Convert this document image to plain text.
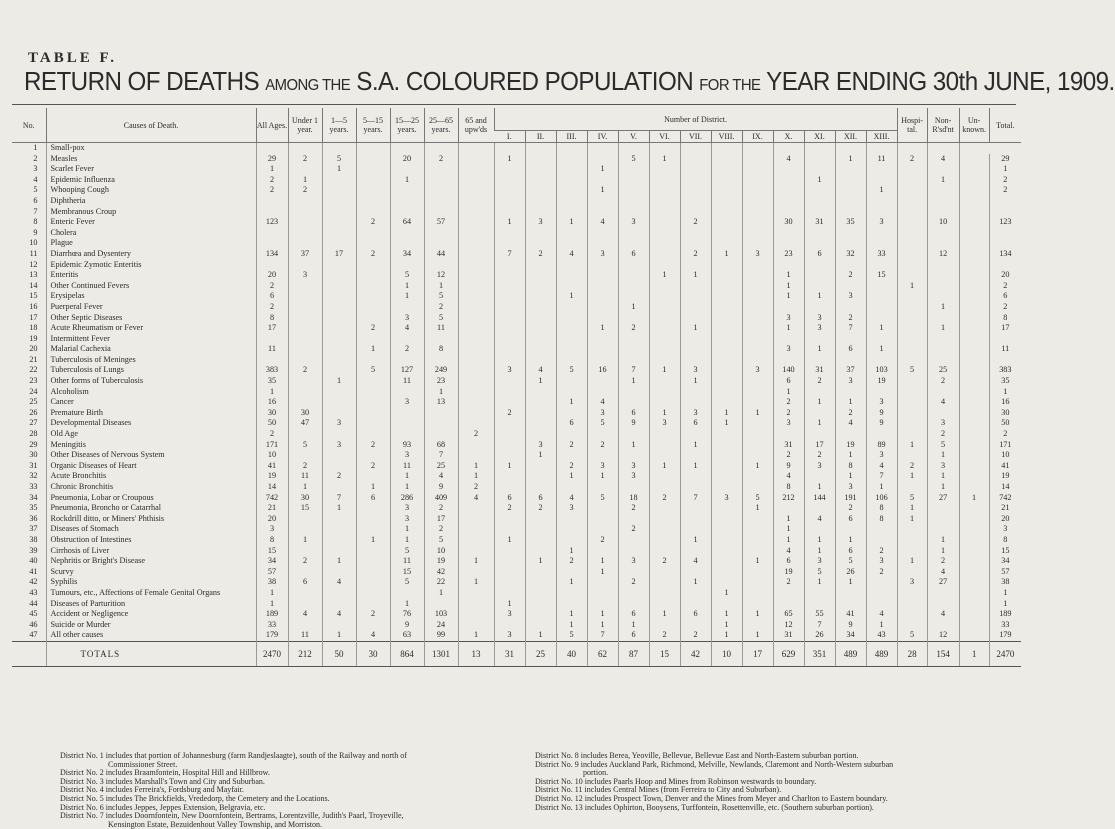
TABLE F.
RETURN OF DEATHS AMONG THE S.A. COLOURED POPULATION FOR THE YEAR ENDING 30th JUNE, 1909.
No.	Causes of Death.	All Ages.	Under 1 year.	1—5 years.	5—15 years.	15—25 years.	25—65 years.	65 and upw'ds	Number of District.													Hospi-tal.	Non-R'sd'nt	Un-known.	Total.
									I.	II.	III.	IV.	V.	VI.	VII.	VIII.	IX.	X.	XI.	XII.	XIII.				
1	Small-pox																								
2	Measles	29	2	5		20	2		1				5	1				4		1	11	2	4		29
3	Scarlet Fever	1		1								1													1
4	Epidemic Influenza	2	1			1													1				1		2
5	Whooping Cough	2	2									1									1				2
6	Diphtheria																								
7	Membranous Croup																								
8	Enteric Fever	123			2	64	57		1	3	1	4	3		2			30	31	35	3		10		123
9	Cholera																								
10	Plague																								
11	Diarrhœa and Dysentery	134	37	17	2	34	44		7	2	4	3	6		2	1	3	23	6	32	33		12		134
12	Epidemic Zymotic Enteritis																								
13	Enteritis	20	3			5	12							1	1			1		2	15				20
14	Other Continued Fevers	2				1	1											1				1			2
15	Erysipelas	6				1	5				1							1	1	3					6
16	Puerperal Fever	2					2						1										1		2
17	Other Septic Diseases	8				3	5											3	3	2					8
18	Acute Rheumatism or Fever	17			2	4	11					1	2		1			1	3	7	1		1		17
19	Intermittent Fever																								
20	Malarial Cachexia	11			1	2	8											3	1	6	1				11
21	Tuberculosis of Meninges																								
22	Tuberculosis of Lungs	383	2		5	127	249		3	4	5	16	7	1	3		3	140	31	37	103	5	25		383
23	Other forms of Tuberculosis	35		1		11	23			1			1		1			6	2	3	19		2		35
24	Alcoholism	1					1											1							1
25	Cancer	16				3	13				1	4						2	1	1	3		4		16
26	Premature Birth	30	30						2			3	6	1	3	1	1	2		2	9				30
27	Developmental Diseases	50	47	3							6	5	9	3	6	1		3	1	4	9		3		50
28	Old Age	2						2															2		2
29	Meningitis	171	5	3	2	93	68			3	2	2	1		1			31	17	19	89	1	5		171
30	Other Diseases of Nervous System	10				3	7			1								2	2	1	3		1		10
31	Organic Diseases of Heart	41	2		2	11	25	1	1		2	3	3	1	1		1	9	3	8	4	2	3		41
32	Acute Bronchitis	19	11	2		1	4	1			1	1	3					4		1	7	1	1		19
33	Chronic Bronchitis	14	1		1	1	9	2										8	1	3	1		1		14
34	Pneumonia, Lobar or Croupous	742	30	7	6	286	409	4	6	6	4	5	18	2	7	3	5	212	144	191	106	5	27	1	742
35	Pneumonia, Broncho or Catarrhal	21	15	1		3	2		2	2	3		2				1			2	8	1			21
36	Rockdrill ditto, or Miners' Phthisis	20				3	17											1	4	6	8	1			20
37	Diseases of Stomach	3				1	2						2					1							3
38	Obstruction of Intestines	8	1		1	1	5		1			2			1			1	1	1			1		8
39	Cirrhosis of Liver	15				5	10				1							4	1	6	2		1		15
40	Nephritis or Bright's Disease	34	2	1		11	19	1		1	2	1	3	2	4		1	6	3	5	3	1	2		34
41	Scurvy	57				15	42					1						19	5	26	2		4		57
42	Syphilis	38	6	4		5	22	1			1		2		1			2	1	1		3	27		38
43	Tumours, etc., Affections of Female Genital Organs	1					1									1									1
44	Diseases of Parturition	1				1			1																1
45	Accident or Negligence	189	4	4	2	76	103		3		1	1	6	1	6	1	1	65	55	41	4		4		189
46	Suicide or Murder	33				9	24				1	1	1			1		12	7	9	1				33
47	All other causes	179	11	1	4	63	99	1	3	1	5	7	6	2	2	1	1	31	26	34	43	5	12		179
	TOTALS	2470	212	50	30	864	1301	13	31	25	40	62	87	15	42	10	17	629	351	489	489	28	154	1	2470
District No. 1 includes that portion of Johannesburg (farm Randjeslaagte), south of the Railway and north of
Commissioner Street.
District No. 2 includes Braamfontein, Hospital Hill and Hillbrow.
District No. 3 includes Marshall's Town and City and Suburban.
District No. 4 includes Ferreira's, Fordsburg and Mayfair.
District No. 5 includes The Brickfields, Vrededorp, the Cemetery and the Locations.
District No. 6 includes Jeppes, Jeppes Extension, Belgravia, etc.
District No. 7 includes Doornfontein, New Doornfontein, Bertrams, Lorentzville, Judith's Paarl, Troyeville,
Kensington Estate, Bezuidenhout Valley Township, and Morriston.
District No. 8 includes Berea, Yeoville, Bellevue, Bellevue East and North-Eastern suburban portion.
District No. 9 includes Auckland Park, Richmond, Melville, Newlands, Claremont and North-Western suburban
portion.
District No. 10 includes Paarls Hoop and Mines from Robinson westwards to boundary.
District No. 11 includes Central Mines (from Ferreira to City and Suburban).
District No. 12 includes Prospect Town, Denver and the Mines from Meyer and Charlton to Eastern boundary.
District No. 13 includes Ophirton, Booysens, Turffontein, Rosettenville, etc. (Southern suburban portion).
